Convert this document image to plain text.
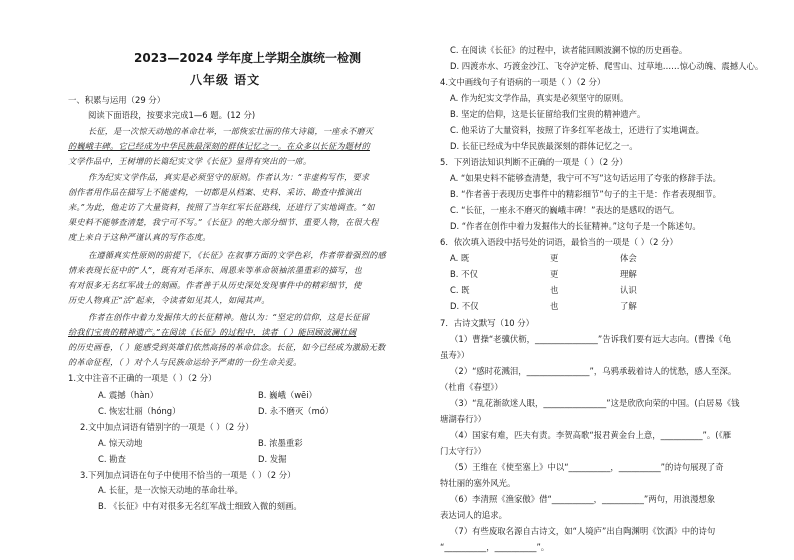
2023—2024 学年度上学期全旗统一检测
八年级 语文
一、积累与运用（29 分）
阅读下面语段，按要求完成1—6 题。(12 分)
长征，是一次惊天动地的革命壮举，一部恢宏壮丽的伟大诗篇，一座永不磨灭
的巍峨丰碑。它已经成为中华民族最深刻的群体记忆之一。在众多以长征为题材的
文学作品中，王树增的长篇纪实文学《长征》显得有突出的一席。
作为纪实文学作品，真实是必须坚守的原则。作者认为：“非虚构写作，要求
创作者用作品在描写上不能虚构，一切都是从档案、史料、采访、勘查中推演出
来。”为此，他走访了大量资料，按照了当年红军长征路线，还进行了实地调查。“如
果史料不能够查清楚，我宁可不写。”《长征》的绝大部分细节、重要人物，在很大程
度上来自于这种严谨认真的写作态度。
在遵循真实性原则的前提下，《长征》在叙事方面的文学色彩，作者带着强烈的感
情来表现长征中的“人”，既有对毛泽东、周恩来等革命领袖浓墨重彩的描写，也
有对很多无名红军战士的刻画。作者善于从历史深处发现事件中的精彩细节，使
历史人物真正“活”起来，令读者如见其人，如闻其声。
作者在创作中着力发掘伟大的长征精神。他认为：“坚定的信仰，这是长征留
给我们宝贵的精神遗产。”在阅读《长征》的过程中，读者（ ）能回顾波澜壮阔
的历史画卷，（ ）能感受到英雄们依然高扬的革命信念。长征，如今已经成为激励无数
的革命征程，（ ）对个人与民族命运给予严肃的一份生命关爱。
1.文中注音不正确的一项是（ ）（2 分）
A. 震撼（hàn）	B. 巍峨（wēi）
C. 恢宏壮丽（hóng）	D. 永不磨灭（mó）
2.文中加点词语有错别字的一项是（ ）（2 分）
A. 惊天动地	B. 浓墨重彩
C. 勘查	D. 发掘
3.下列加点词语在句子中使用不恰当的一项是（ ）（2 分）
A. 长征，是一次惊天动地的革命壮举。
B. 《长征》中有对很多无名红军战士细致入微的刻画。
C. 在阅读《长征》的过程中，读者能回顾波澜不惊的历史画卷。
D. 四渡赤水、巧渡金沙江、飞夺泸定桥、爬雪山、过草地……惊心动魄、震撼人心。
4.文中画线句子有语病的一项是（ ）（2 分）
A. 作为纪实文学作品，真实是必须坚守的原则。
B. 坚定的信仰，这是长征留给我们宝贵的精神遗产。
C. 他采访了大量资料，按照了许多红军老战士，还进行了实地调查。
D. 长征已经成为中华民族最深刻的群体记忆之一。
5．下列语法知识判断不正确的一项是（ ）（2 分）
A. “如果史料不能够查清楚，我宁可不写”这句话运用了夸张的修辞手法。
B. “作者善于表现历史事件中的精彩细节”句子的主干是：作者表现细节。
C. “长征，一座永不磨灭的巍峨丰碑！”表达的是感叹的语气。
D. “作者在创作中着力发掘伟大的长征精神。”这句子是一个陈述句。
6．依次填入语段中括号处的词语，最恰当的一项是（ ）（2 分）
A. 既	更	体会
B. 不仅	更	理解
C. 既	也	认识
D. 不仅	也	了解
7．古诗文默写（10 分）
（1）曹操“老骥伏枥，_______________”告诉我们要有远大志向。(曹操《龟
虽寿》）
（2）“感时花溅泪，_______________”，乌鸦承载着诗人的忧愁，感人至深。
（杜甫《春望》）
（3）“乱花渐欲迷人眼，_______________”这是欣欣向荣的中国。(白居易《钱
塘湖春行》）
（4）国家有难，匹夫有责。李贺高歌“报君黄金台上意，__________”。(《雁
门太守行》）
（5）王维在《使至塞上》中以“__________，__________”的诗句展现了奇
特壮丽的塞外风光。
（6）李清照《渔家傲》借“__________，__________”两句，用浪漫想象
表达词人的追求。
（7）有些废取名源自古诗文，如“人境庐”出自陶渊明《饮酒》中的诗句
“__________，__________”。
